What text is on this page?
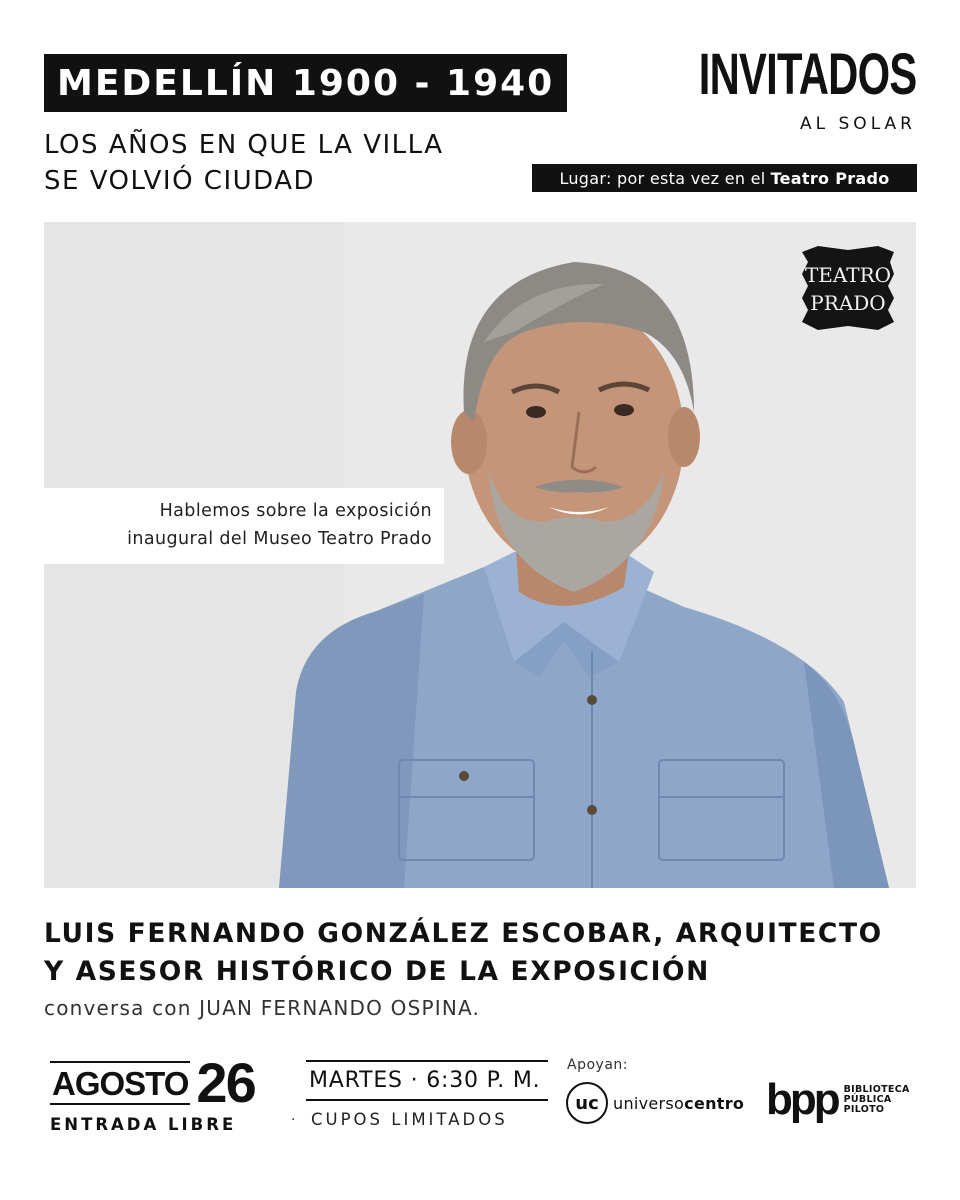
MEDELLÍN 1900 - 1940
LOS AÑOS EN QUE LA VILLA
SE VOLVIÓ CIUDAD
INVITADOS
AL SOLAR
Lugar: por esta vez en el Teatro Prado
TEATRO
PRADO
Hablemos sobre la exposición
inaugural del Museo Teatro Prado
LUIS FERNANDO GONZÁLEZ ESCOBAR, ARQUITECTO
Y ASESOR HISTÓRICO DE LA EXPOSICIÓN
conversa con JUAN FERNANDO OSPINA.
AGOSTO 26
ENTRADA LIBRE	·
MARTES · 6:30 P. M.
CUPOS LIMITADOS
Apoyan:
uc universocentro bpp BIBLIOTECA
PÚBLICA
PILOTO
